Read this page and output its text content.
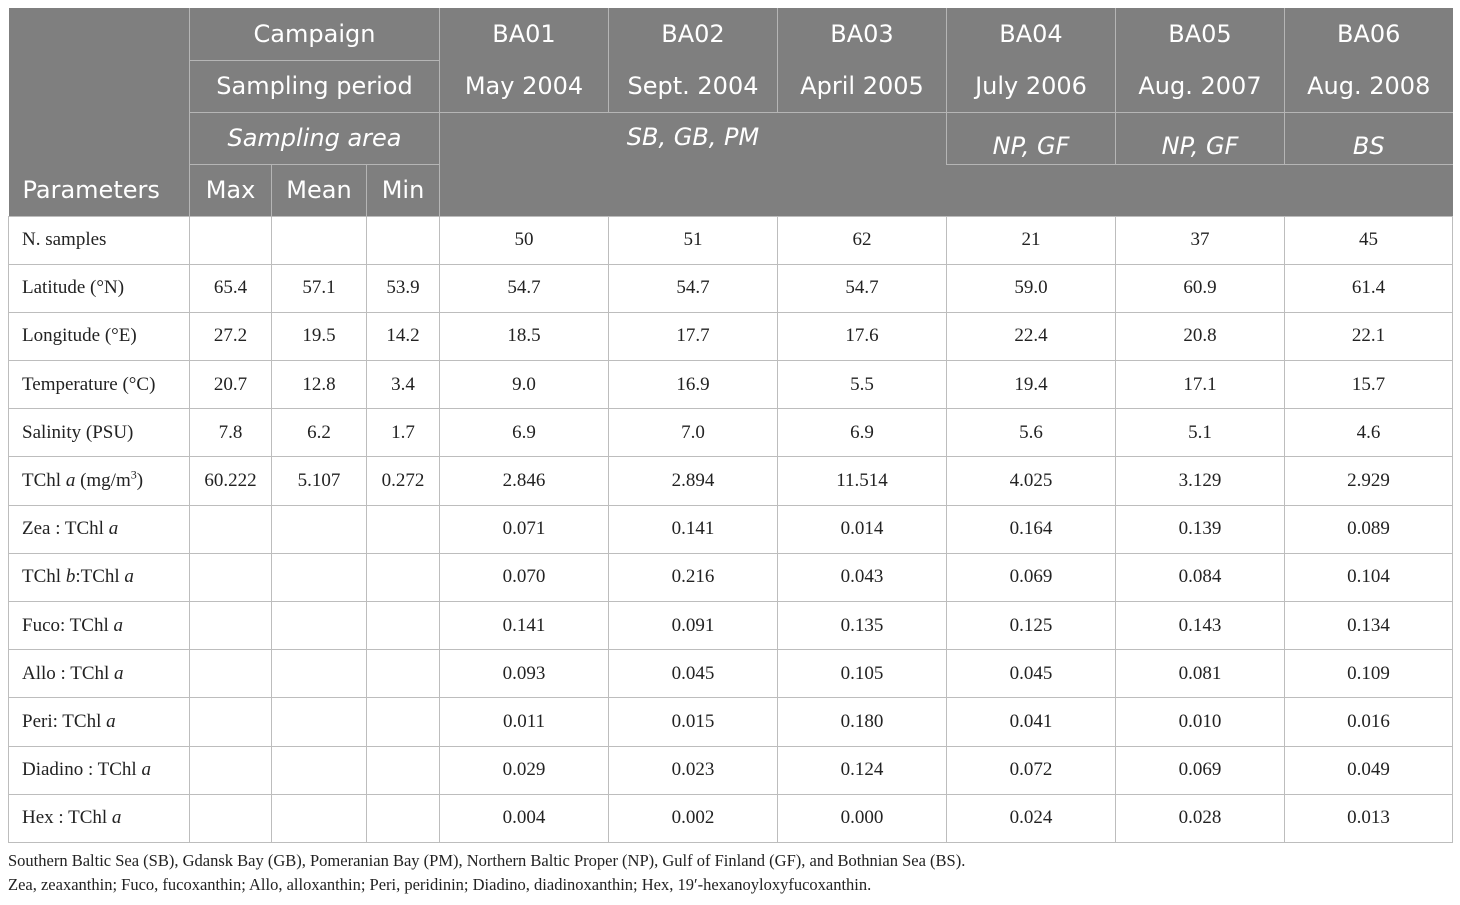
Parameters	Campaign			BA01	BA02	BA03	BA04	BA05	BA06
	Sampling period			May 2004	Sept. 2004	April 2005	July 2006	Aug. 2007	Aug. 2008
	Sampling area			SB, GB, PM			NP, GF	NP, GF	BS
	Max	Mean	Min						
N. samples				50	51	62	21	37	45
Latitude (°N)	65.4	57.1	53.9	54.7	54.7	54.7	59.0	60.9	61.4
Longitude (°E)	27.2	19.5	14.2	18.5	17.7	17.6	22.4	20.8	22.1
Temperature (°C)	20.7	12.8	3.4	9.0	16.9	5.5	19.4	17.1	15.7
Salinity (PSU)	7.8	6.2	1.7	6.9	7.0	6.9	5.6	5.1	4.6
TChl a $(mg/m^3)$	60.222	5.107	0.272	2.846	2.894	11.514	4.025	3.129	2.929
Zea : TChl a				0.071	0.141	0.014	0.164	0.139	0.089
TChl b:TChl a				0.070	0.216	0.043	0.069	0.084	0.104
Fuco: TChl a				0.141	0.091	0.135	0.125	0.143	0.134
Allo : TChl a				0.093	0.045	0.105	0.045	0.081	0.109
Peri: TChl a				0.011	0.015	0.180	0.041	0.010	0.016
Diadino : TChl a				0.029	0.023	0.124	0.072	0.069	0.049
Hex : TChl a				0.004	0.002	0.000	0.024	0.028	0.013
Southern Baltic Sea (SB), Gdansk Bay (GB), Pomeranian Bay (PM), Northern Baltic Proper (NP), Gulf of Finland (GF), and Bothnian Sea (BS).
Zea, zeaxanthin; Fuco, fucoxanthin; Allo, alloxanthin; Peri, peridinin; Diadino, diadinoxanthin; Hex, 19′-hexanoyloxyfucoxanthin.
